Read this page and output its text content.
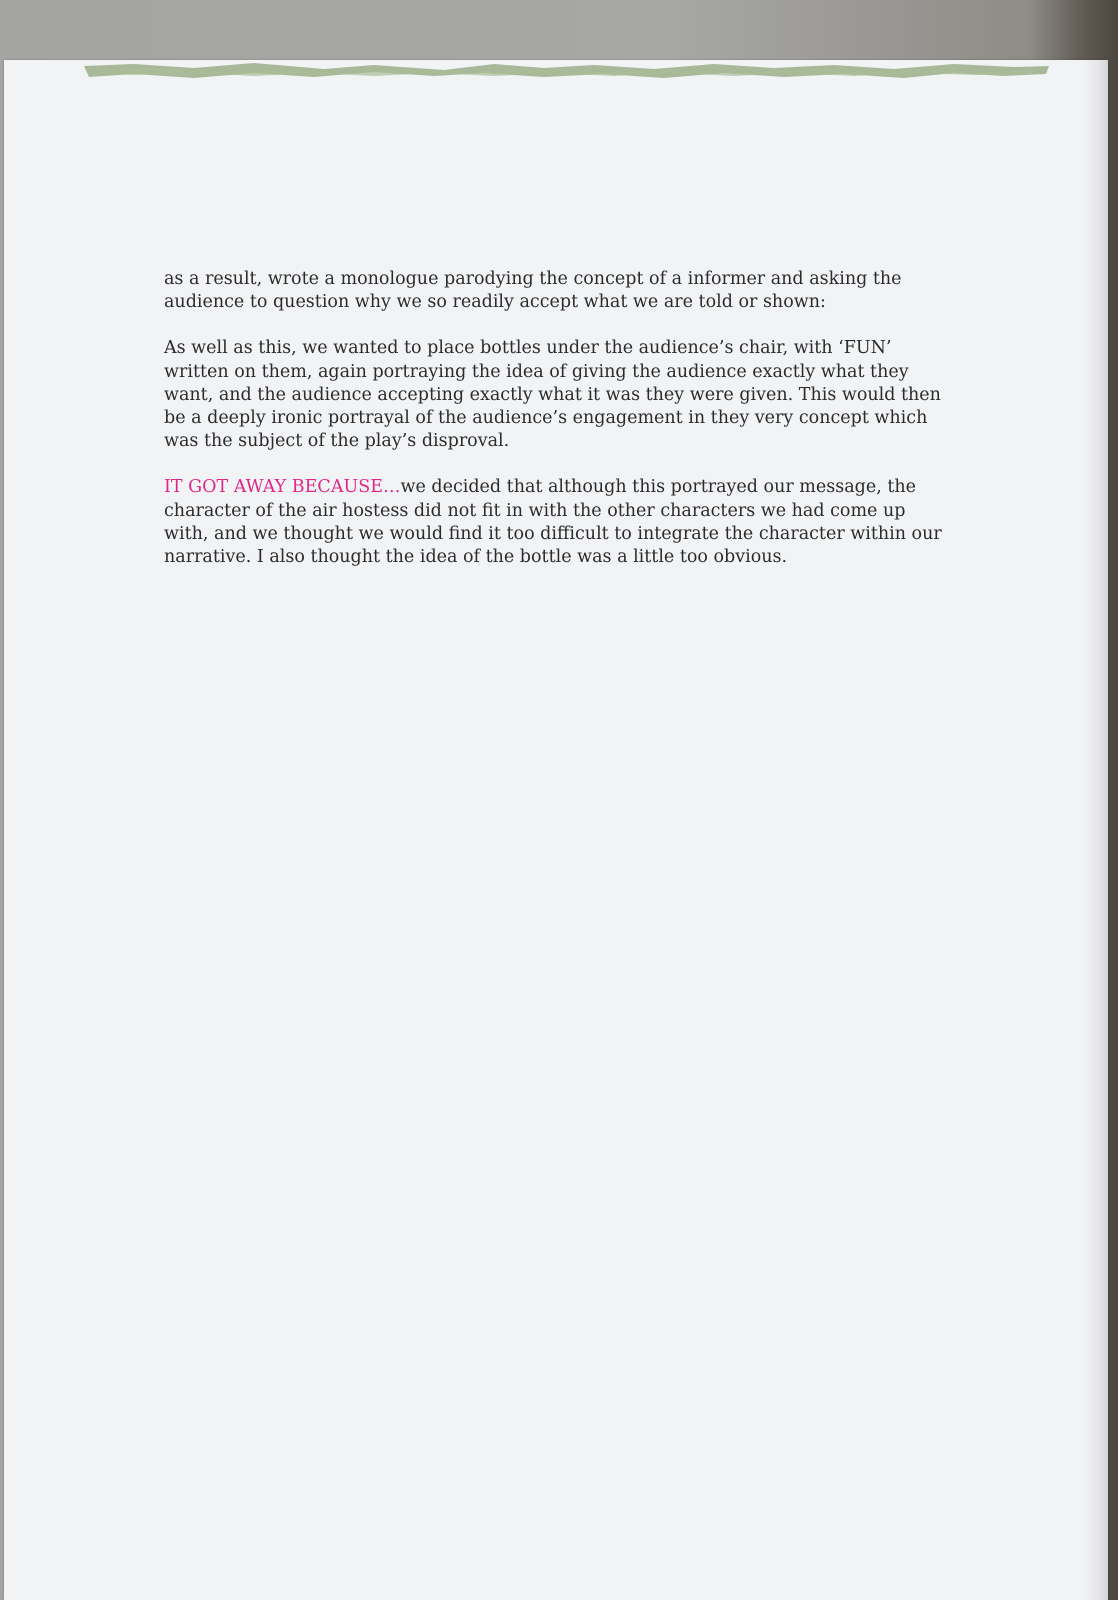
as a result, wrote a monologue parodying the concept of a informer and asking the audience to question why we so readily accept what we are told or shown:

As well as this, we wanted to place bottles under the audience’s chair, with ‘FUN’ written on them, again portraying the idea of giving the audience exactly what they want, and the audience accepting exactly what it was they were given. This would then be a deeply ironic portrayal of the audience’s engagement in they very concept which was the subject of the play’s disproval.

IT GOT AWAY BECAUSE…we decided that although this portrayed our message, the character of the air hostess did not fit in with the other characters we had come up with, and we thought we would find it too difficult to integrate the character within our narrative. I also thought the idea of the bottle was a little too obvious.
